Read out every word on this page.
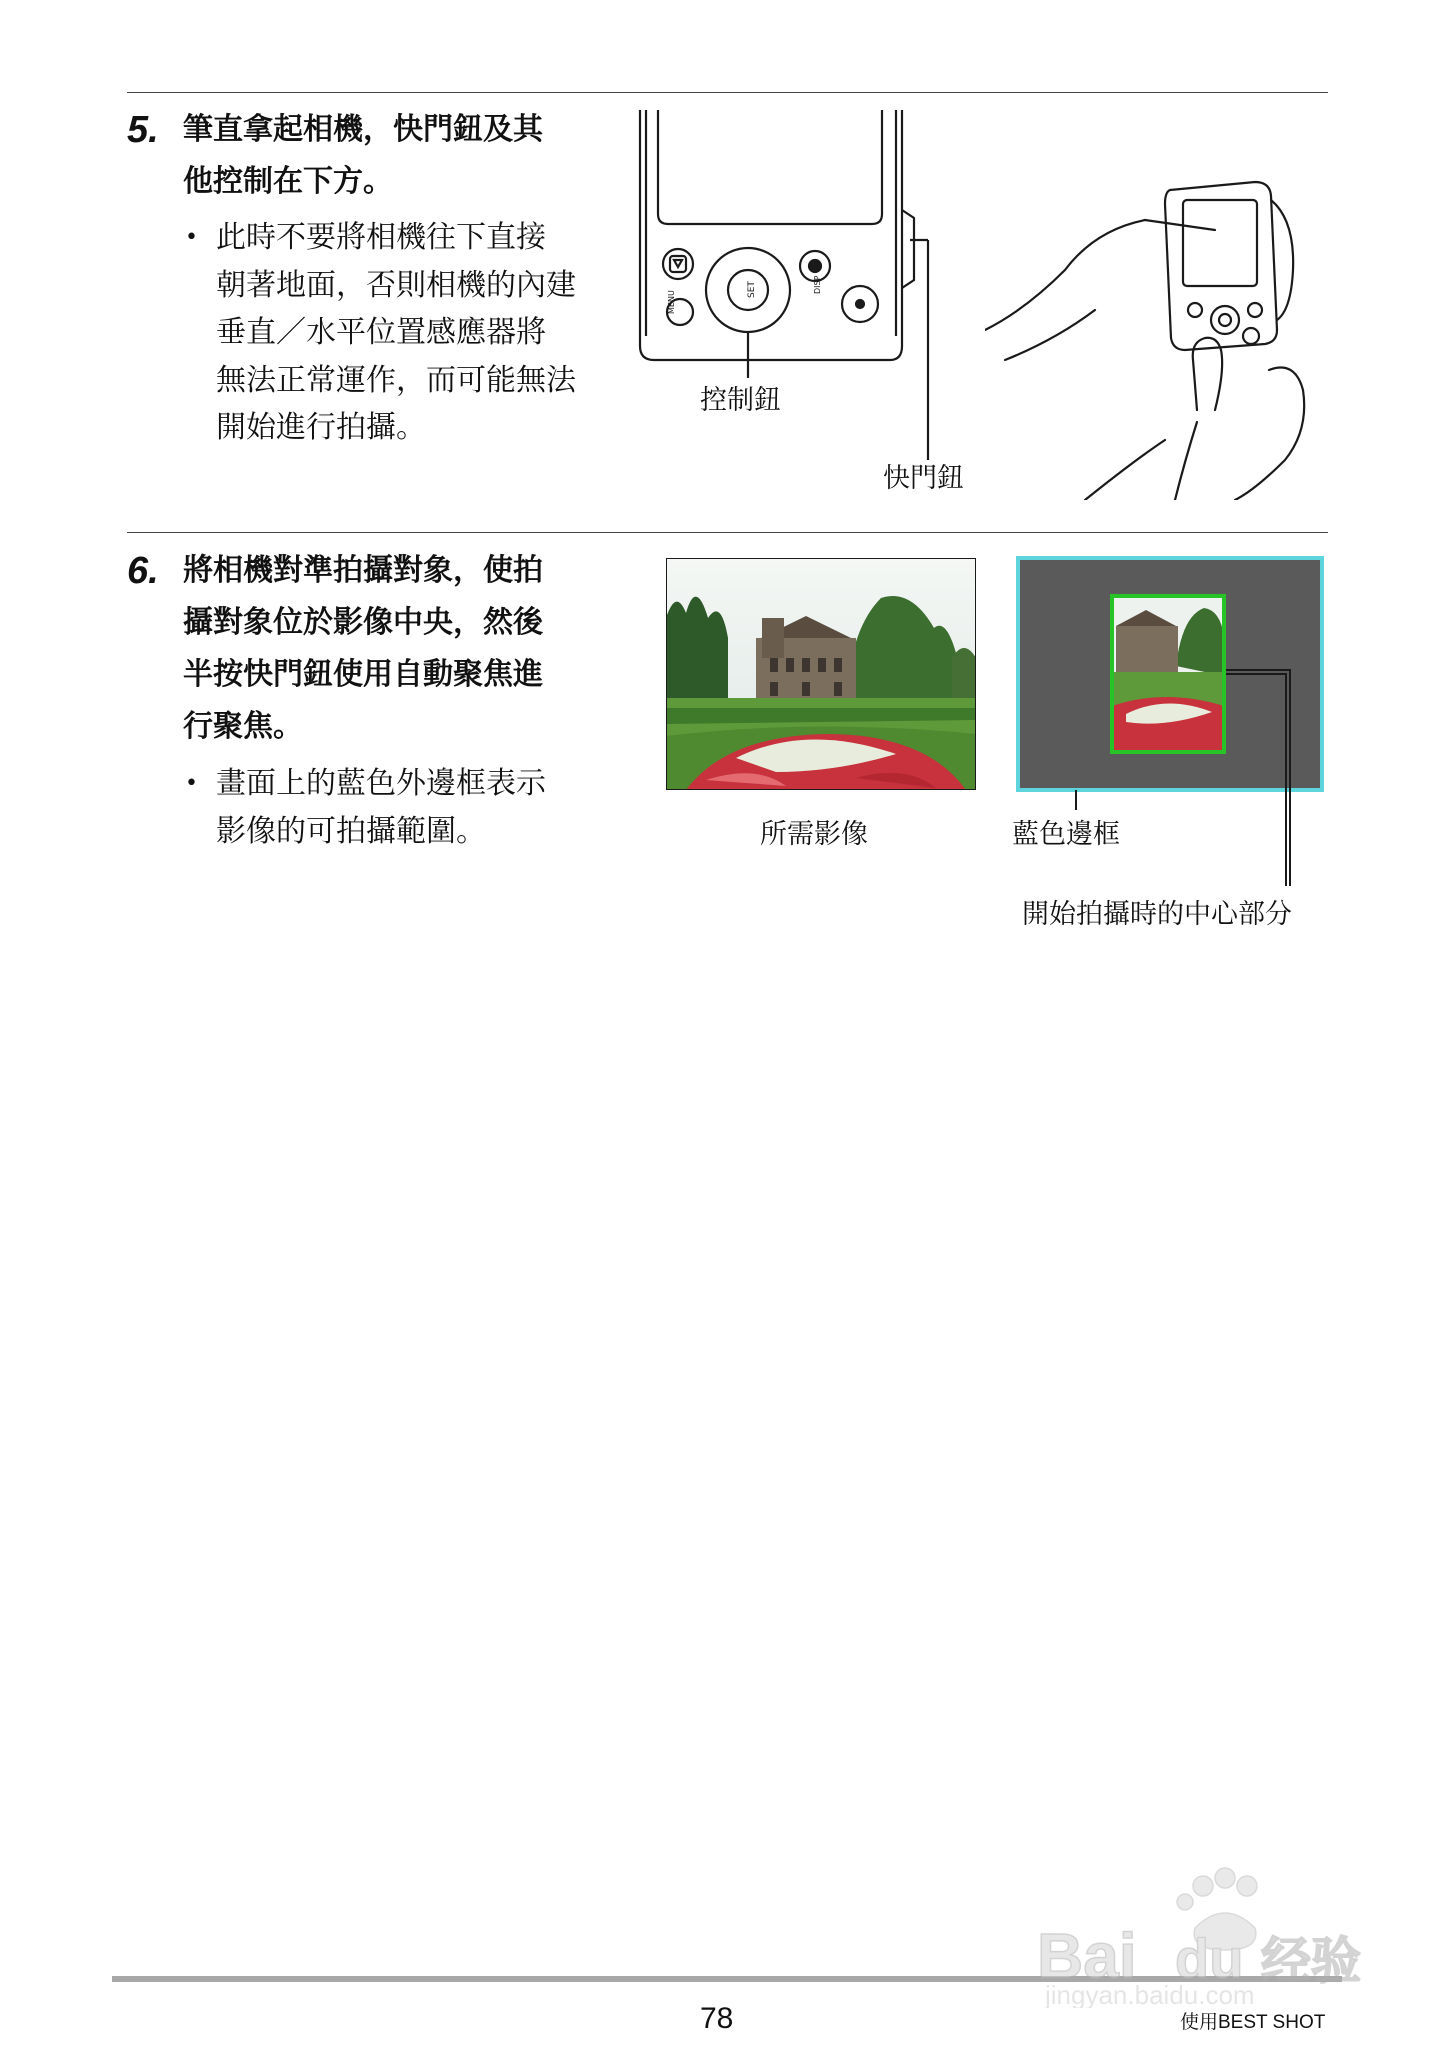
5. 筆直拿起相機，快門鈕及其
他控制在下方。
• 此時不要將相機往下直接
朝著地面，否則相機的內建
垂直／水平位置感應器將
無法正常運作，而可能無法
開始進行拍攝。
SET	DISP
MENU
控制鈕
快門鈕
6. 將相機對準拍攝對象，使拍
攝對象位於影像中央，然後
半按快門鈕使用自動聚焦進
行聚焦。
• 畫面上的藍色外邊框表示
影像的可拍攝範圍。	所需影像	藍色邊框
開始拍攝時的中心部分
78	使用BEST SHOT
Bai du 经验
jingyan.baidu.com
